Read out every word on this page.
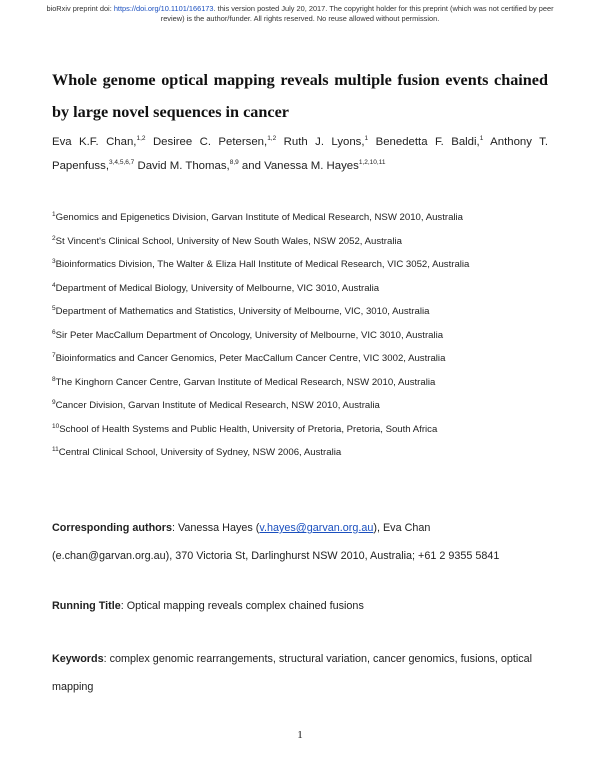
bioRxiv preprint doi: https://doi.org/10.1101/166173. this version posted July 20, 2017. The copyright holder for this preprint (which was not certified by peer review) is the author/funder. All rights reserved. No reuse allowed without permission.
Whole genome optical mapping reveals multiple fusion events chained by large novel sequences in cancer
Eva K.F. Chan,$^{1,2}$ Desiree C. Petersen,$^{1,2}$ Ruth J. Lyons,$^1$ Benedetta F. Baldi,$^1$ Anthony T. Papenfuss,$^{3,4,5,6,7}$ David M. Thomas,$^{8,9}$ and Vanessa M. Hayes$^{1,2,10,11}$
$^1$Genomics and Epigenetics Division, Garvan Institute of Medical Research, NSW 2010, Australia
$^2$St Vincent's Clinical School, University of New South Wales, NSW 2052, Australia
$^3$Bioinformatics Division, The Walter & Eliza Hall Institute of Medical Research, VIC 3052, Australia
$^4$Department of Medical Biology, University of Melbourne, VIC 3010, Australia
$^5$Department of Mathematics and Statistics, University of Melbourne, VIC, 3010, Australia
$^6$Sir Peter MacCallum Department of Oncology, University of Melbourne, VIC 3010, Australia
$^7$Bioinformatics and Cancer Genomics, Peter MacCallum Cancer Centre, VIC 3002, Australia
$^8$The Kinghorn Cancer Centre, Garvan Institute of Medical Research, NSW 2010, Australia
$^9$Cancer Division, Garvan Institute of Medical Research, NSW 2010, Australia
$^{10}$School of Health Systems and Public Health, University of Pretoria, Pretoria, South Africa
$^{11}$Central Clinical School, University of Sydney, NSW 2006, Australia
Corresponding authors: Vanessa Hayes (v.hayes@garvan.org.au), Eva Chan (e.chan@garvan.org.au), 370 Victoria St, Darlinghurst NSW 2010, Australia; +61 2 9355 5841
Running Title: Optical mapping reveals complex chained fusions
Keywords: complex genomic rearrangements, structural variation, cancer genomics, fusions, optical mapping
1
